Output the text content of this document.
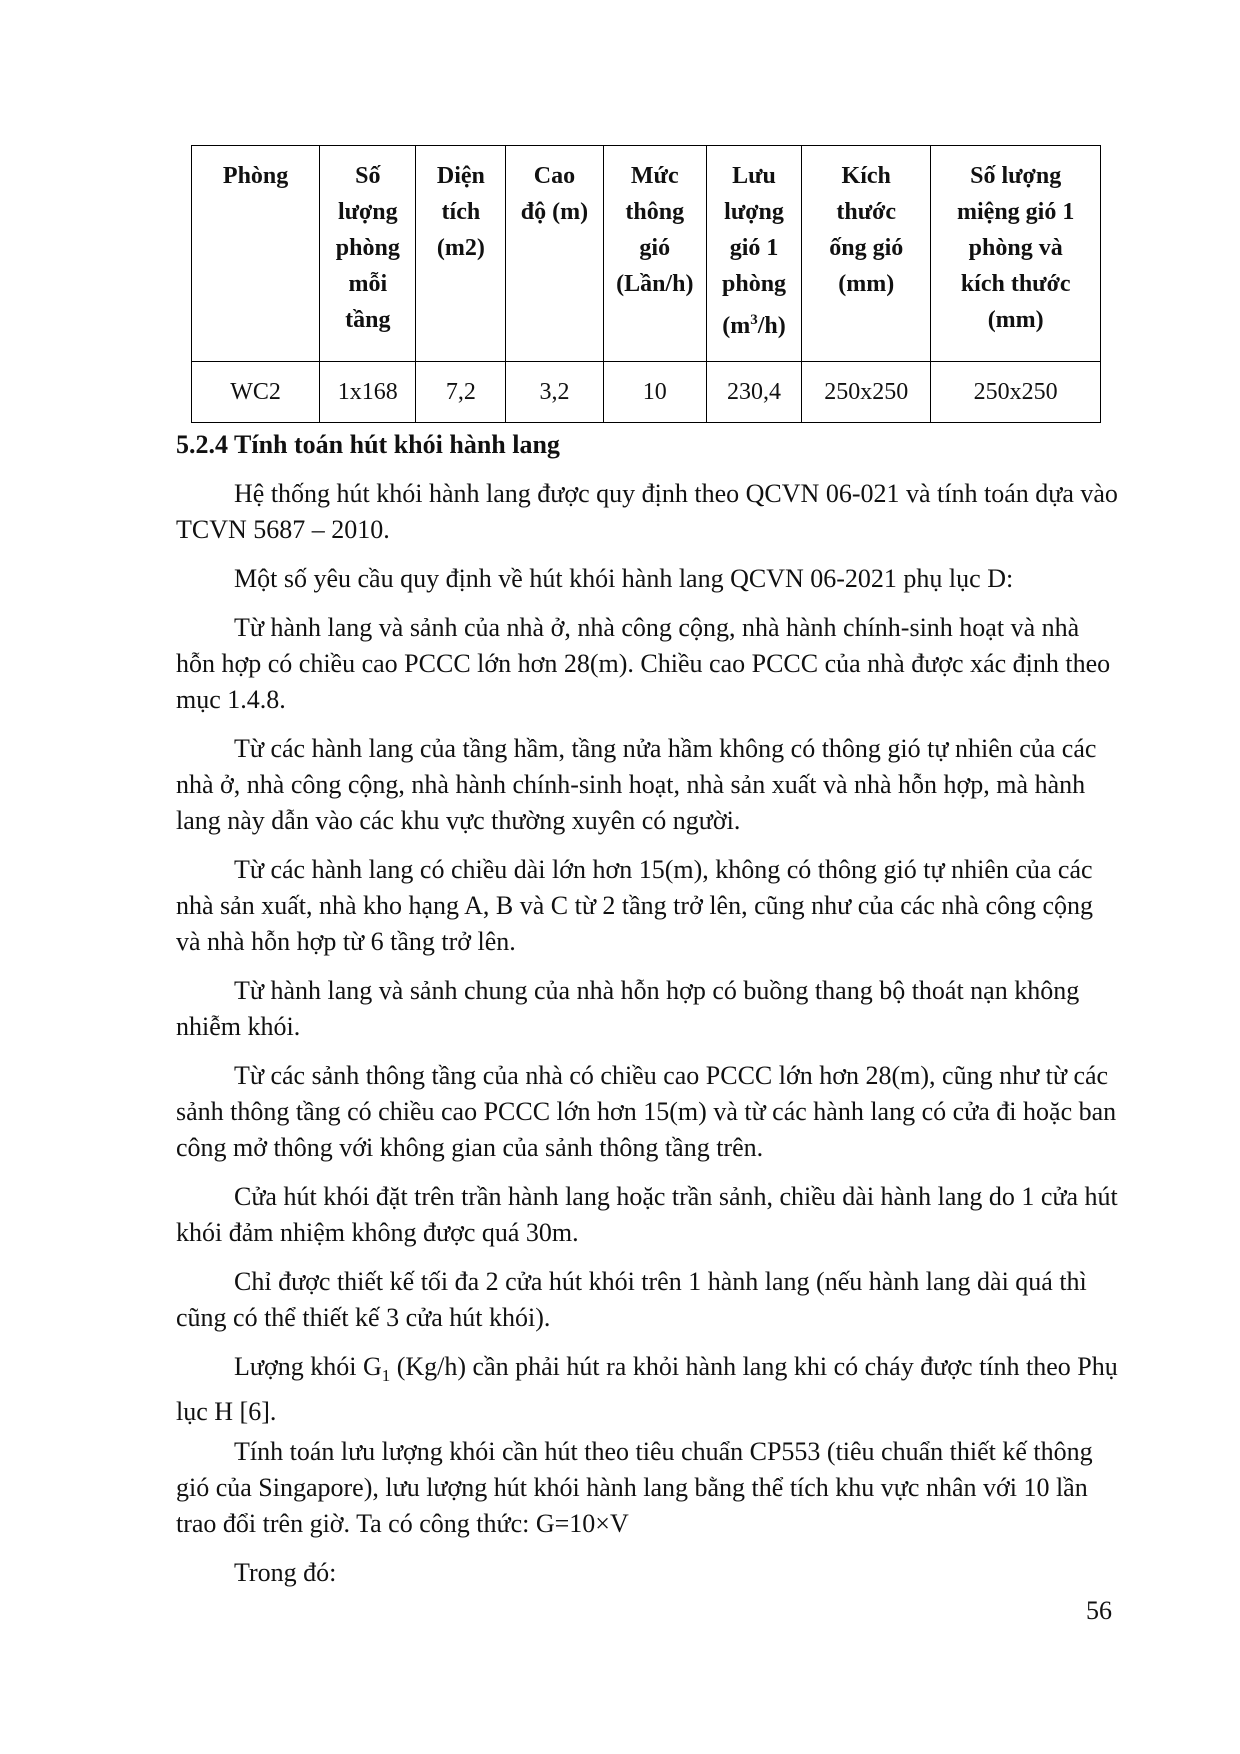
Phòng	Số
lượng
phòng
mỗi
tầng	Diện
tích
(m2)	Cao
độ (m)	Mức
thông
gió
(Lần/h)	Lưu
lượng
gió 1
phòng
$(m^3/h)$	Kích
thước
ống gió
(mm)	Số lượng
miệng gió 1
phòng và
kích thước
(mm)

WC2	1x168	7,2	3,2	10	230,4	250x250	250x250
5.2.4 Tính toán hút khói hành lang
Hệ thống hút khói hành lang được quy định theo QCVN 06-021 và tính toán dựa vào TCVN 5687 – 2010.
Một số yêu cầu quy định về hút khói hành lang QCVN 06-2021 phụ lục D:
Từ hành lang và sảnh của nhà ở, nhà công cộng, nhà hành chính-sinh hoạt và nhà hỗn hợp có chiều cao PCCC lớn hơn 28(m). Chiều cao PCCC của nhà được xác định theo mục 1.4.8.
Từ các hành lang của tầng hầm, tầng nửa hầm không có thông gió tự nhiên của các nhà ở, nhà công cộng, nhà hành chính-sinh hoạt, nhà sản xuất và nhà hỗn hợp, mà hành lang này dẫn vào các khu vực thường xuyên có người.
Từ các hành lang có chiều dài lớn hơn 15(m), không có thông gió tự nhiên của các nhà sản xuất, nhà kho hạng A, B và C từ 2 tầng trở lên, cũng như của các nhà công cộng và nhà hỗn hợp từ 6 tầng trở lên.
Từ hành lang và sảnh chung của nhà hỗn hợp có buồng thang bộ thoát nạn không nhiễm khói.
Từ các sảnh thông tầng của nhà có chiều cao PCCC lớn hơn 28(m), cũng như từ các sảnh thông tầng có chiều cao PCCC lớn hơn 15(m) và từ các hành lang có cửa đi hoặc ban công mở thông với không gian của sảnh thông tầng trên.
Cửa hút khói đặt trên trần hành lang hoặc trần sảnh, chiều dài hành lang do 1 cửa hút khói đảm nhiệm không được quá 30m.
Chỉ được thiết kế tối đa 2 cửa hút khói trên 1 hành lang (nếu hành lang dài quá thì cũng có thể thiết kế 3 cửa hút khói).
Lượng khói $G_1$ (Kg/h) cần phải hút ra khỏi hành lang khi có cháy được tính theo Phụ lục H [6].
Tính toán lưu lượng khói cần hút theo tiêu chuẩn CP553 (tiêu chuẩn thiết kế thông gió của Singapore), lưu lượng hút khói hành lang bằng thể tích khu vực nhân với 10 lần trao đổi trên giờ. Ta có công thức: G=10×V
Trong đó:
56
